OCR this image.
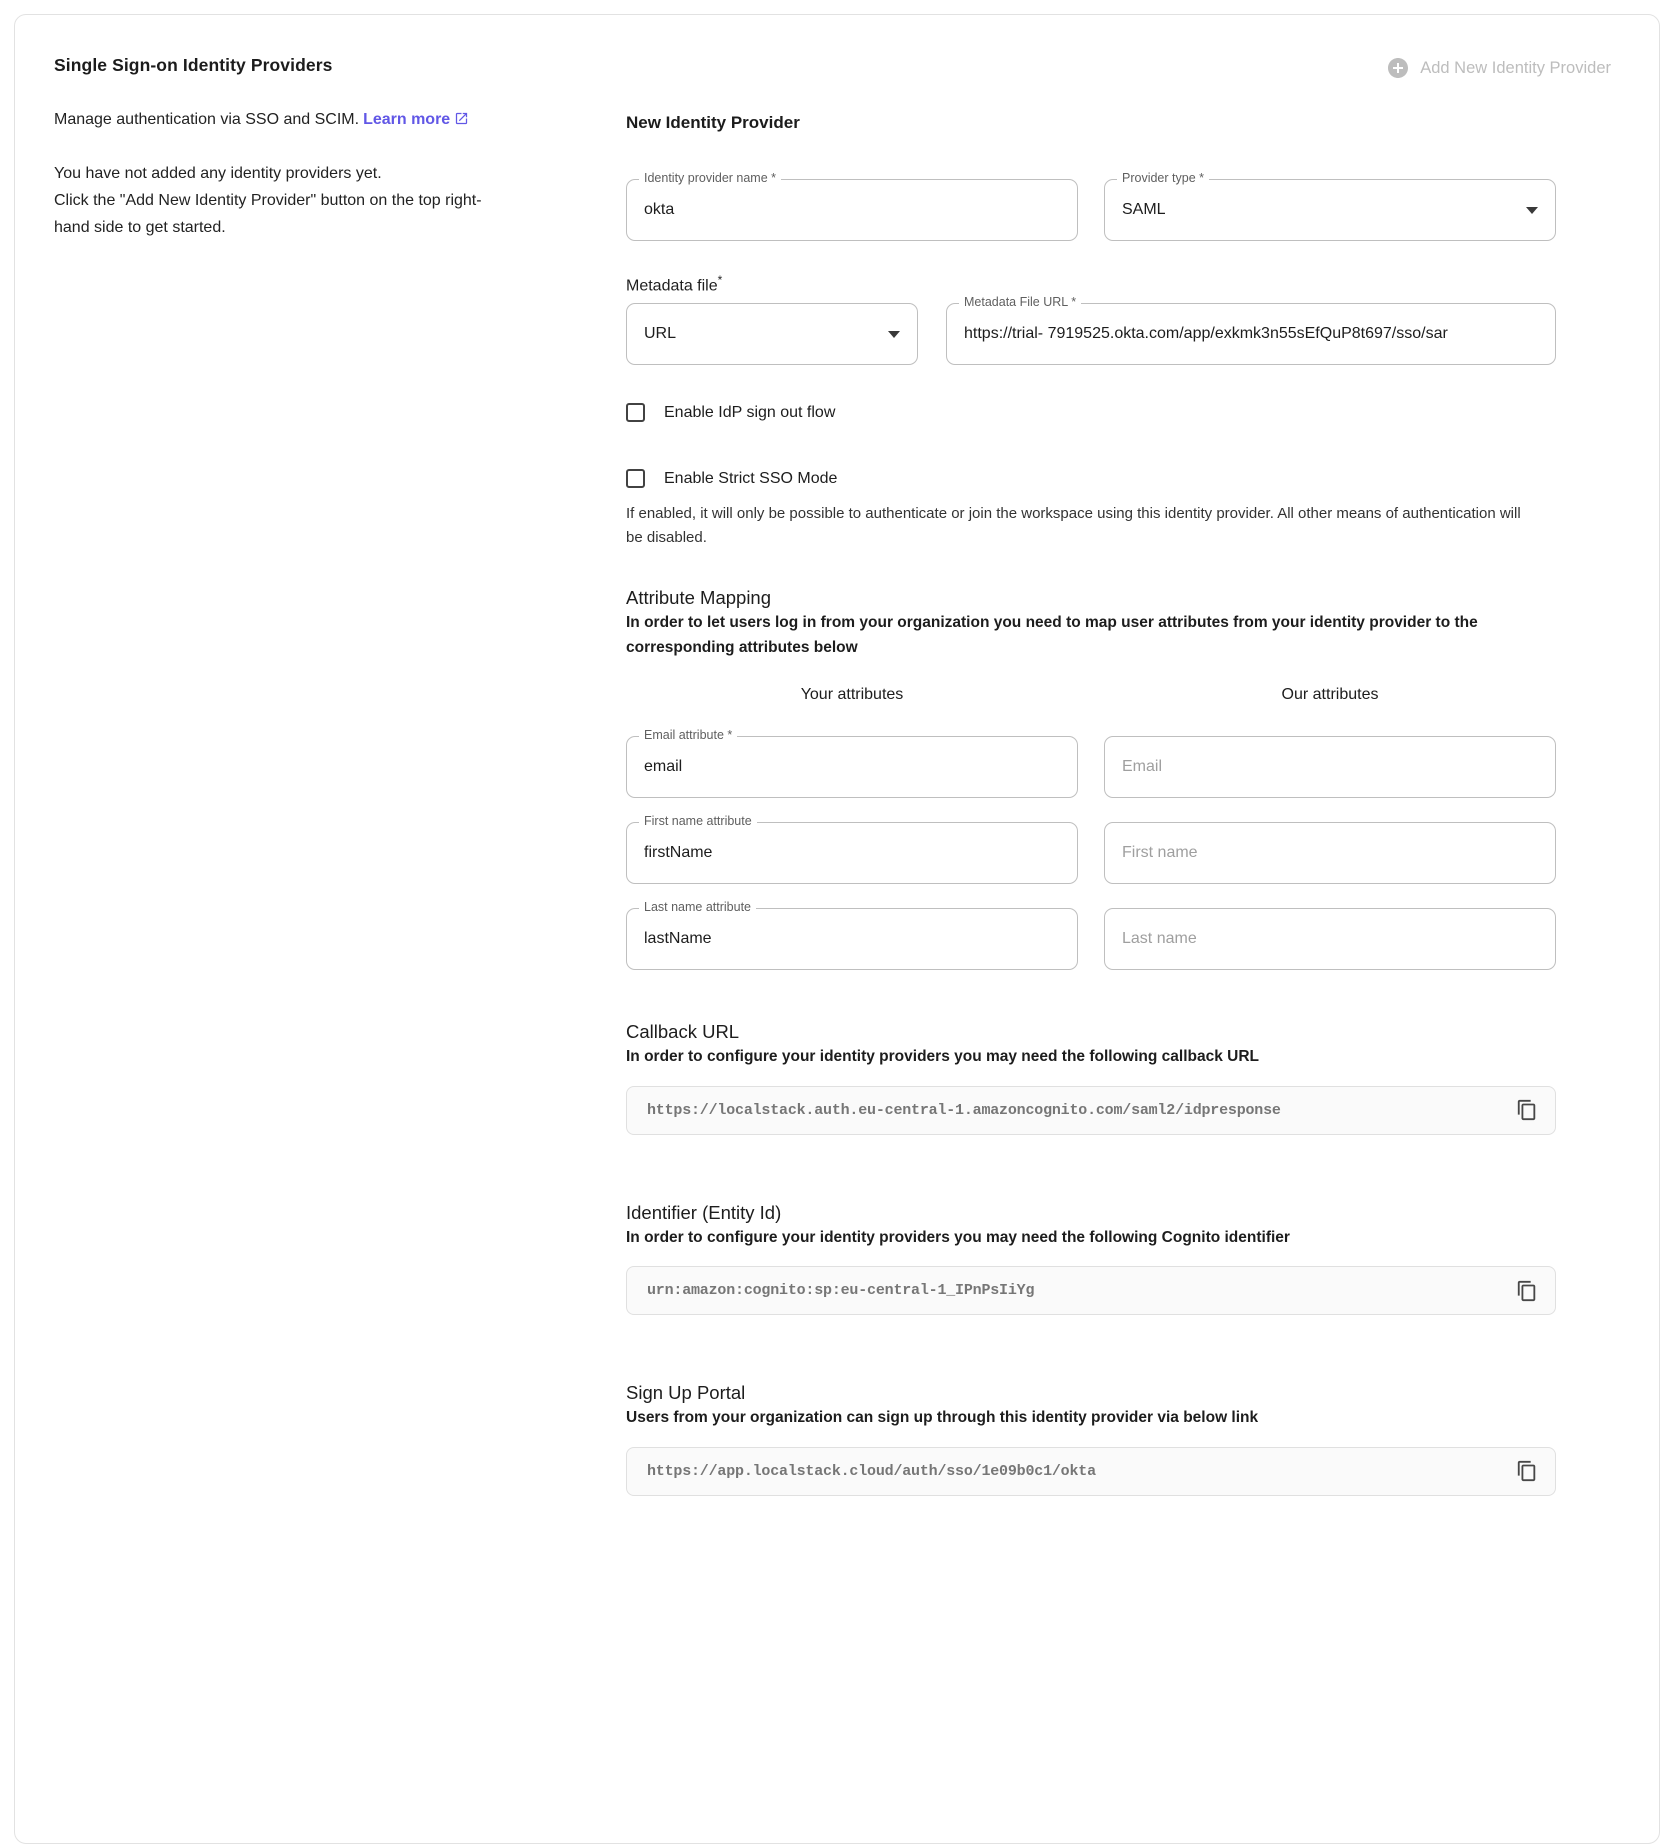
Single Sign-on Identity Providers
Manage authentication via SSO and SCIM. Learn more
You have not added any identity providers yet.
Click the "Add New Identity Provider" button on the top right-
hand side to get started.
Add New Identity Provider
New Identity Provider
Identity provider name *
okta	Provider type *
SAML
Metadata file*
URL
Metadata File URL *
https://trial- 7919525.okta.com/app/exkmk3n55sEfQuP8t697/sso/sar
Enable IdP sign out flow
Enable Strict SSO Mode
If enabled, it will only be possible to authenticate or join the workspace using this identity provider. All other means of authentication will be disabled.
Attribute Mapping
In order to let users log in from your organization you need to map user attributes from your identity provider to the corresponding attributes below
Your attributes	Our attributes
Email attribute *
email
Email
First name attribute
firstName
First name
Last name attribute
lastName
Last name
Callback URL
In order to configure your identity providers you may need the following callback URL
https://localstack.auth.eu-central-1.amazoncognito.com/saml2/idpresponse
Identifier (Entity Id)
In order to configure your identity providers you may need the following Cognito identifier
urn:amazon:cognito:sp:eu-central-1_IPnPsIiYg
Sign Up Portal
Users from your organization can sign up through this identity provider via below link
https://app.localstack.cloud/auth/sso/1e09b0c1/okta
